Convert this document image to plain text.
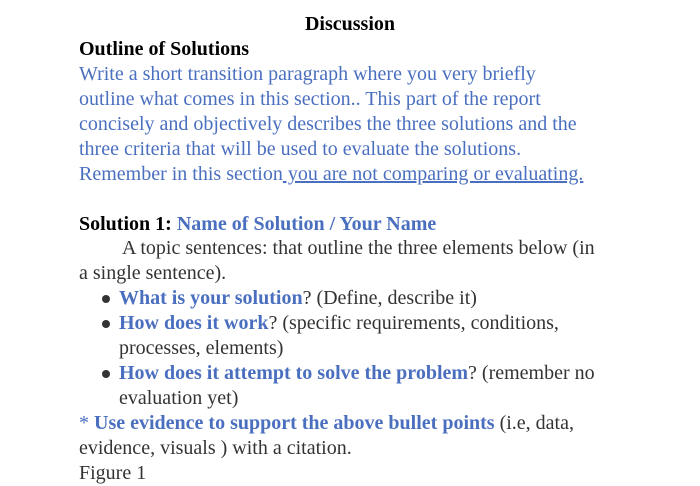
Discussion
Outline of Solutions
Write a short transition paragraph where you very briefly
outline what comes in this section.. This part of the report
concisely and objectively describes the three solutions and the
three criteria that will be used to evaluate the solutions.
Remember in this section you are not comparing or evaluating.
Solution 1: Name of Solution / Your Name
A topic sentences: that outline the three elements below (in
a single sentence).
What is your solution? (Define, describe it)
How does it work? (specific requirements, conditions,
processes, elements)
How does it attempt to solve the problem? (remember no
evaluation yet)
* Use evidence to support the above bullet points (i.e, data,
evidence, visuals ) with a citation.
Figure 1
